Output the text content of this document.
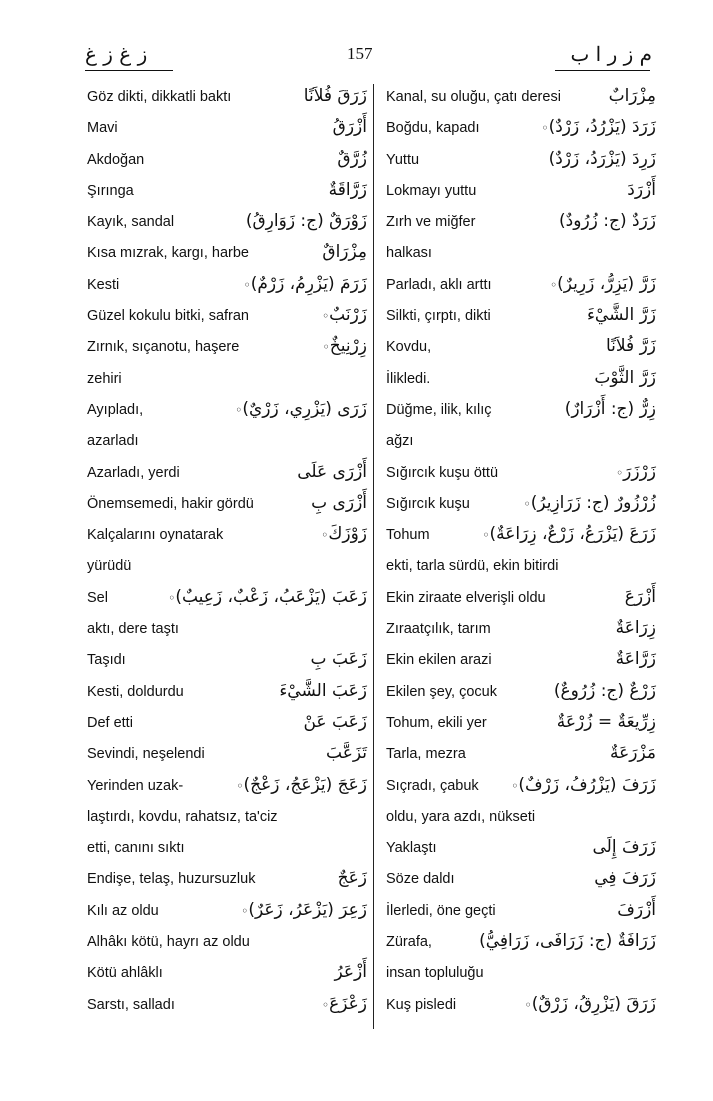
ز غ ز غ	157	م ز ر ا ب
Göz dikti, dikkatli baktı	زَرَقَ فُلاَنًا
Mavi	أَزْرَقُ
Akdoğan	زُرَّقٌ
Şırınga	زَرَّاقَةٌ
Kayık, sandal	زَوْرَقٌ (ج: زَوَارِقُ)
Kısa mızrak, kargı, harbe	مِزْرَاقٌ
Kesti	زَرَمَ (يَزْرِمُ، زَرْمٌ)◦
Güzel kokulu bitki, safran	زَرْنَبٌ◦
Zırnık, sıçanotu, haşere	زِرْنِيخٌ◦
zehiri
Ayıpladı,	زَرَى (يَزْرِي، زَرْيٌ)◦
azarladı
Azarladı, yerdi	أَزْرَى عَلَى
Önemsemedi, hakir gördü	أَزْرَى بِ
Kalçalarını oynatarak	زَوْزَكَ◦
yürüdü
Sel	زَعَبَ (يَزْعَبُ، زَعْبٌ، زَعِيبٌ)◦
aktı, dere taştı
Taşıdı	زَعَبَ بِ
Kesti, doldurdu	زَعَبَ الشَّيْءَ
Def etti	زَعَبَ عَنْ
Sevindi, neşelendi	تَزَعَّبَ
Yerinden uzak-	زَعَجَ (يَزْعَجُ، زَعْجٌ)◦
laştırdı, kovdu, rahatsız, ta'ciz
etti, canını sıktı
Endişe, telaş, huzursuzluk	زَعَجٌ
Kılı az oldu	زَعِرَ (يَزْعَرُ، زَعَرٌ)◦
Alhâkı kötü, hayrı az oldu
Kötü ahlâklı	أَزْعَرُ
Sarstı, salladı	زَعْزَعَ◦
Kanal, su oluğu, çatı deresi	مِزْرَابٌ
Boğdu, kapadı	زَرَدَ (يَزْرُدُ، زَرْدٌ)◦
Yuttu	زَرِدَ (يَزْرَدُ، زَرْدٌ)
Lokmayı yuttu	أَزْرَدَ
Zırh ve miğfer	زَرَدٌ (ج: زُرُودٌ)
halkası
Parladı, aklı arttı	زَرَّ (يَزِرُّ، زَرِيرٌ)◦
Silkti, çırptı, dikti	زَرَّ الشَّيْءَ
Kovdu,	زَرَّ فُلاَنًا
İlikledi.	زَرَّ الثَّوْبَ
Düğme, ilik, kılıç	زِرٌّ (ج: أَزْرَارٌ)
ağzı
Sığırcık kuşu öttü	زَرْزَرَ◦
Sığırcık kuşu	زُرْزُورٌ (ج: زَرَازِيرُ)◦
Tohum	زَرَعَ (يَزْرَعُ، زَرْعٌ، زِرَاعَةٌ)◦
ekti, tarla sürdü, ekin bitirdi
Ekin ziraate elverişli oldu	أَزْرَعَ
Zıraatçılık, tarım	زِرَاعَةٌ
Ekin ekilen arazi	زَرَّاعَةٌ
Ekilen şey, çocuk	زَرْعٌ (ج: زُرُوعٌ)
Tohum, ekili yer	زِرِّيعَةٌ = زُرْعَةٌ
Tarla, mezra	مَزْرَعَةٌ
Sıçradı, çabuk	زَرَفَ (يَزْرُفُ، زَرْفٌ)◦
oldu, yara azdı, nükseti
Yaklaştı	زَرَفَ إِلَى
Söze daldı	زَرَفَ فِي
İlerledi, öne geçti	أَزْرَفَ
Zürafa,	زَرَافَةٌ (ج: زَرَافَى، زَرَافِيُّ)
insan topluluğu
Kuş pisledi	زَرَقَ (يَزْرِقُ، زَرْقٌ)◦
